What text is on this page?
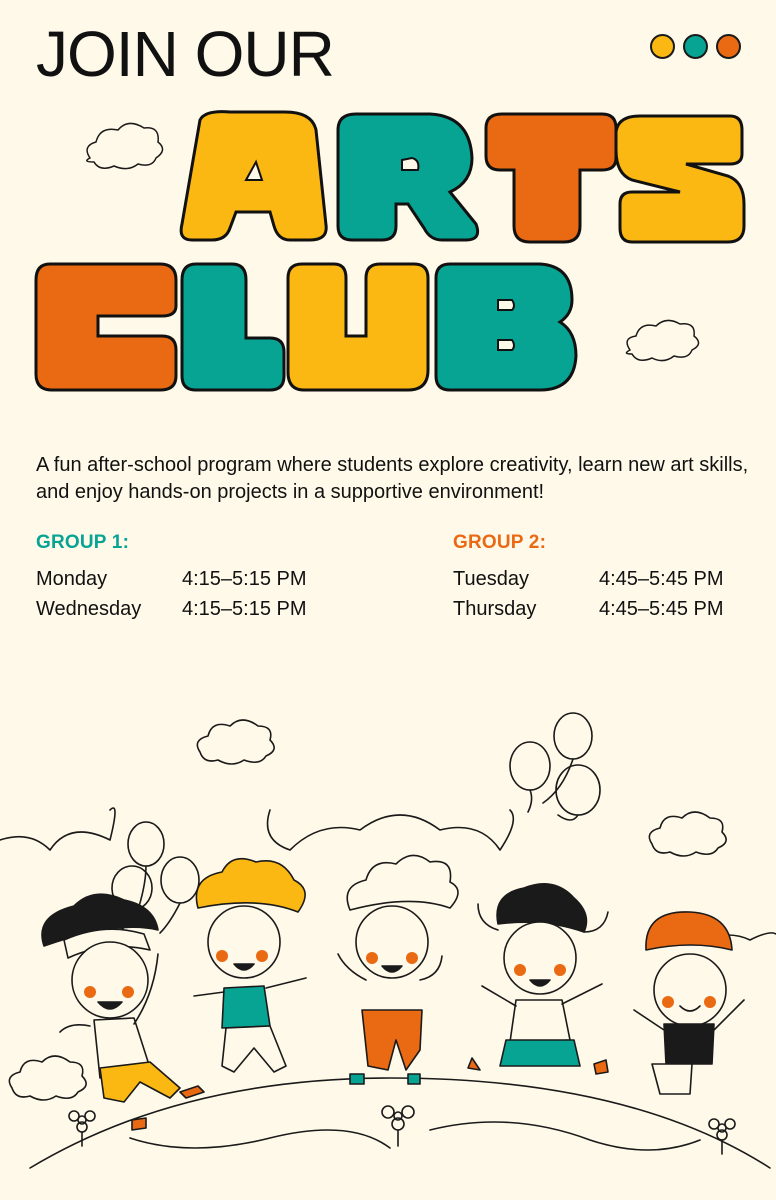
JOIN OUR

A fun after-school program where students explore creativity, learn new art skills, and enjoy hands-on projects in a supportive environment!

GROUP 1:

Monday	4:15–5:15 PM
Wednesday	4:15–5:15 PM

GROUP 2:

Tuesday	4:45–5:45 PM
Thursday	4:45–5:45 PM
